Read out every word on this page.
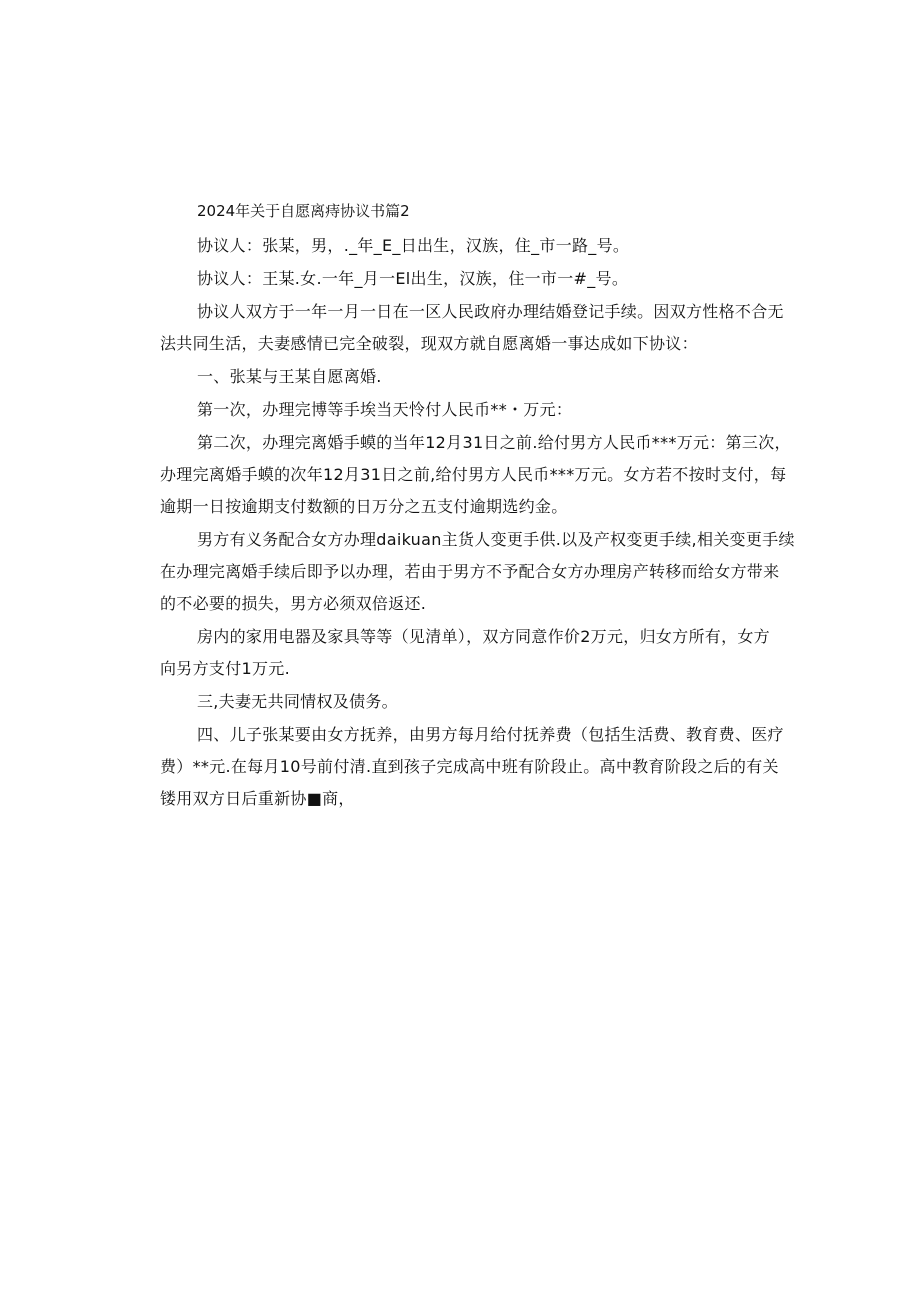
2024年关于自愿离痔协议书篇2
协议人：张某，男，._年_E_日出生，汉族，住_市一路_号。
协议人：王某.女.一年_月一El出生，汉族，住一市一#_号。
协议人双方于一年一月一日在一区人民政府办理结婚登记手续。因双方性格不合无
法共同生活，夫妻感情已完全破裂，现双方就自愿离婚一事达成如下协议：
一、张某与王某自愿离婚.
第一次，办理完博等手埃当天怜付人民币**・万元：
第二次，办理完离婚手蟆的当年12月31日之前.给付男方人民币***万元：第三次，
办理完离婚手蟆的次年12月31日之前,给付男方人民币***万元。女方若不按时支付，每
逾期一日按逾期支付数额的日万分之五支付逾期选约金。
男方有义务配合女方办理daikuan主货人变更手供.以及产权变更手续,相关变更手续
在办理完离婚手续后即予以办理，若由于男方不予配合女方办理房产转移而给女方带来
的不必要的损失，男方必须双倍返还.
房内的家用电器及家具等等（见清单），双方同意作价2万元，归女方所有，女方
向另方支付1万元.
三,夫妻无共同情权及债务。
四、儿子张某要由女方抚养，由男方每月给付抚养费（包括生活费、教育费、医疗
费）**元.在每月10号前付清.直到孩子完成高中班有阶段止。高中教育阶段之后的有关
镂用双方日后重新协■商，
